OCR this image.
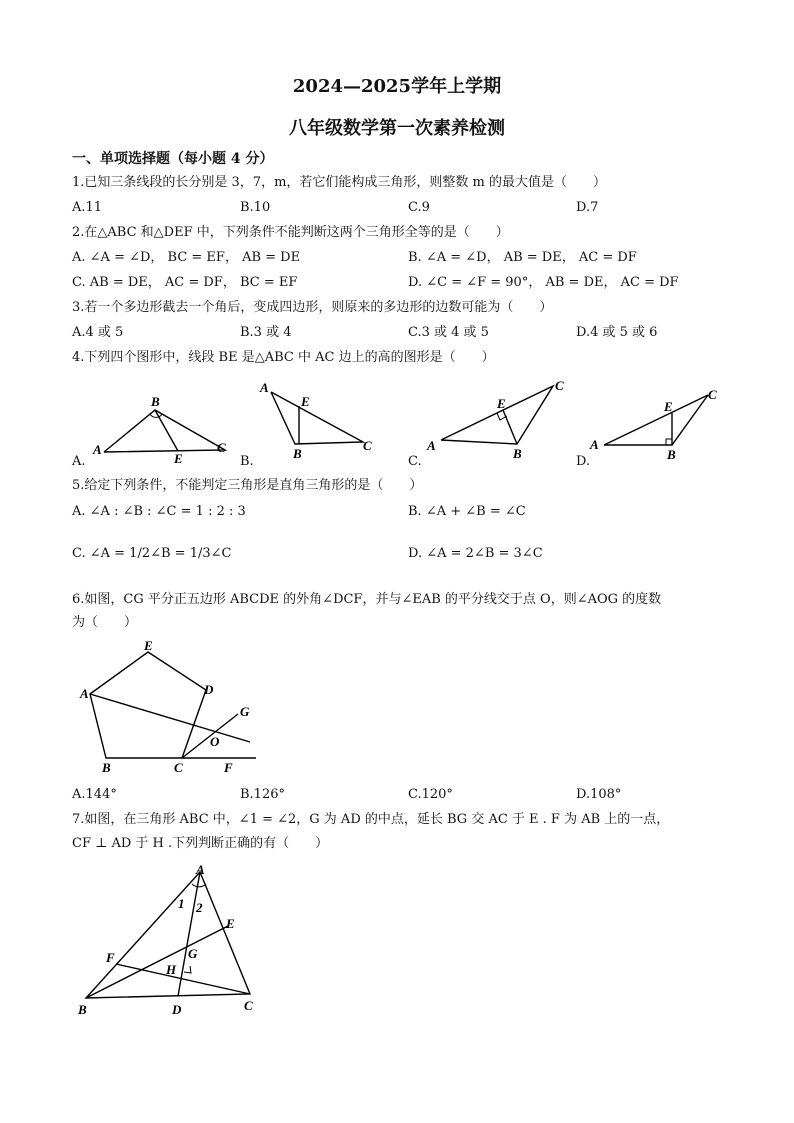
2024—2025学年上学期
八年级数学第一次素养检测
一、单项选择题（每小题 4 分）
1.已知三条线段的长分别是 3，7，m，若它们能构成三角形，则整数 m 的最大值是（　　）
A.11	B.10	C.9	D.7
2.在△ABC 和△DEF 中，下列条件不能判断这两个三角形全等的是（　　）
A. ∠A = ∠D， BC = EF， AB = DE	B. ∠A = ∠D， AB = DE， AC = DF
C. AB = DE， AC = DF， BC = EF	D. ∠C = ∠F = 90°， AB = DE， AC = DF
3.若一个多边形截去一个角后，变成四边形，则原来的多边形的边数可能为（　　）
A.4 或 5	B.3 或 4	C.3 或 4 或 5	D.4 或 5 或 6
4.下列四个图形中，线段 BE 是△ABC 中 AC 边上的高的图形是（　　）
A
B
C
E
A.
A
E
B
C
B.
A
B
C
E
C.
A
B
C
E
D.
5.给定下列条件，不能判定三角形是直角三角形的是（　　）
A. ∠A : ∠B : ∠C = 1 : 2 : 3	B. ∠A + ∠B = ∠C
C. ∠A = 1/2∠B = 1/3∠C	D. ∠A = 2∠B = 3∠C
6.如图，CG 平分正五边形 ABCDE 的外角∠DCF，并与∠EAB 的平分线交于点 O，则∠AOG 的度数
为（　　）
E
A	D
B	C	F
G
O
A.144°	B.126°	C.120°	D.108°
7.如图，在三角形 ABC 中，∠1 = ∠2，G 为 AD 的中点，延长 BG 交 AC 于 E . F 为 AB 上的一点，
CF ⊥ AD 于 H .下列判断正确的有（　　）
A
1 2
E
G
F
H
B	D	C
